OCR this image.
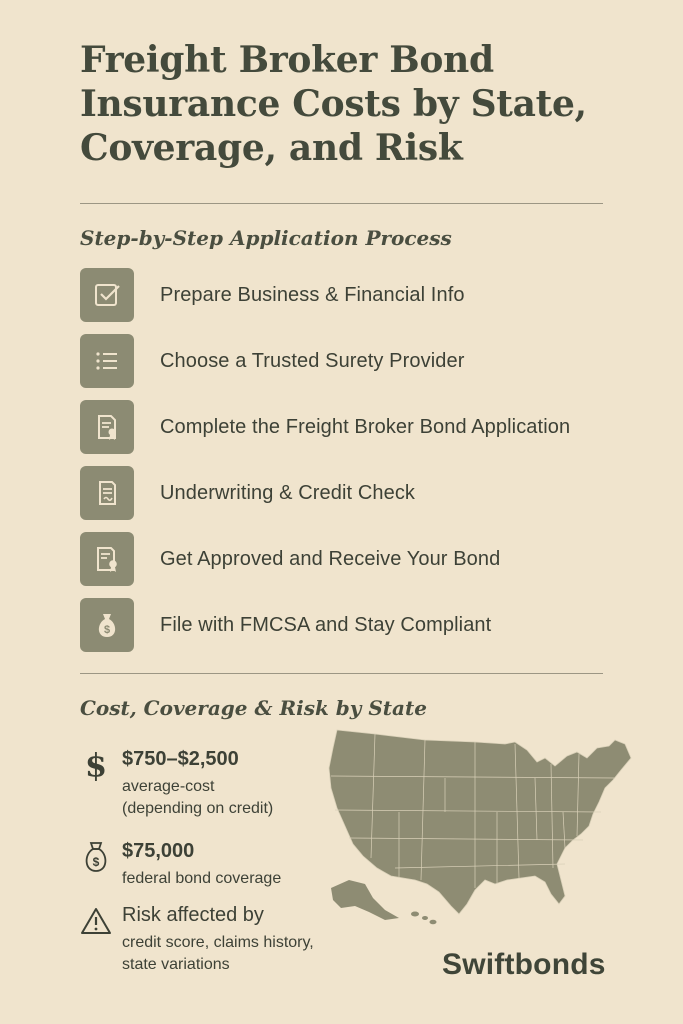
Freight Broker Bond
Insurance Costs by State,
Coverage, and Risk
Step-by-Step Application Process
Prepare Business & Financial Info
Choose a Trusted Surety Provider
Complete the Freight Broker Bond Application
Underwriting & Credit Check
Get Approved and Receive Your Bond
$ File with FMCSA and Stay Compliant
Cost, Coverage & Risk by State
$ $750–$2,500
average-cost
(depending on credit)
$ $75,000
federal bond coverage
Risk affected by
credit score, claims history,
state variations	Swiftbonds
